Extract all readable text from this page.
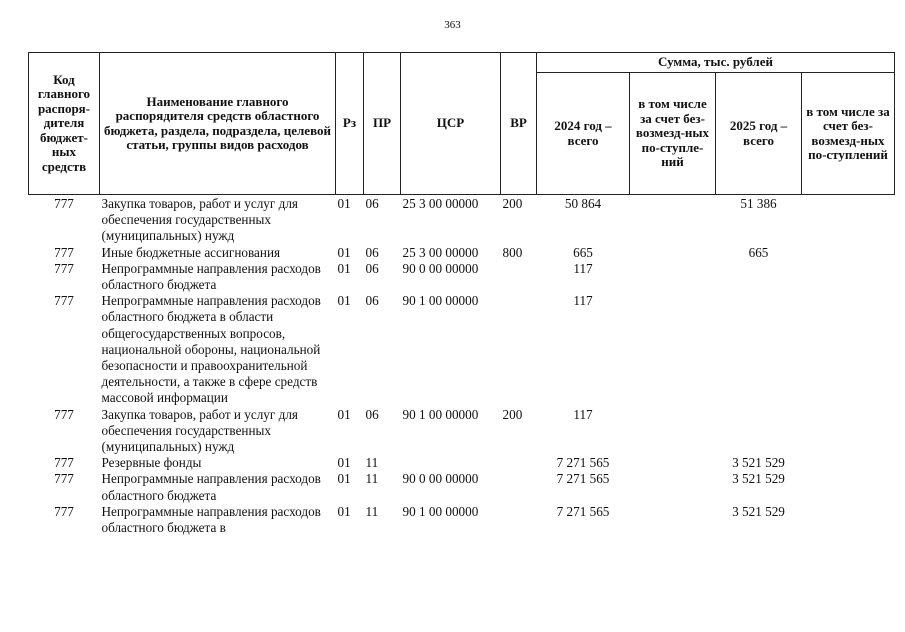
363
Код главного распоря-дителя бюджет-ных средств	Наименование главного распорядителя средств областного бюджета, раздела, подраздела, целевой статьи, группы видов расходов	Рз	ПР	ЦСР	ВР	Сумма, тыс. рублей			
						2024 год – всего	в том числе за счет без-возмезд-ных по-ступле-ний	2025 год – всего	в том числе за счет без-возмезд-ных по-ступлений
777	Закупка товаров, работ и услуг для обеспечения государственных (муниципальных) нужд	01	06	25 3 00 00000	200	50 864		51 386	
777	Иные бюджетные ассигнования	01	06	25 3 00 00000	800	665		665	
777	Непрограммные направления расходов областного бюджета	01	06	90 0 00 00000		117			
777	Непрограммные направления расходов областного бюджета в области общегосударственных вопросов, национальной обороны, национальной безопасности и правоохранительной деятельности, а также в сфере средств массовой информации	01	06	90 1 00 00000		117			
777	Закупка товаров, работ и услуг для обеспечения государственных (муниципальных) нужд	01	06	90 1 00 00000	200	117			
777	Резервные фонды	01	11			7 271 565		3 521 529	
777	Непрограммные направления расходов областного бюджета	01	11	90 0 00 00000		7 271 565		3 521 529	
777	Непрограммные направления расходов областного бюджета в	01	11	90 1 00 00000		7 271 565		3 521 529	
